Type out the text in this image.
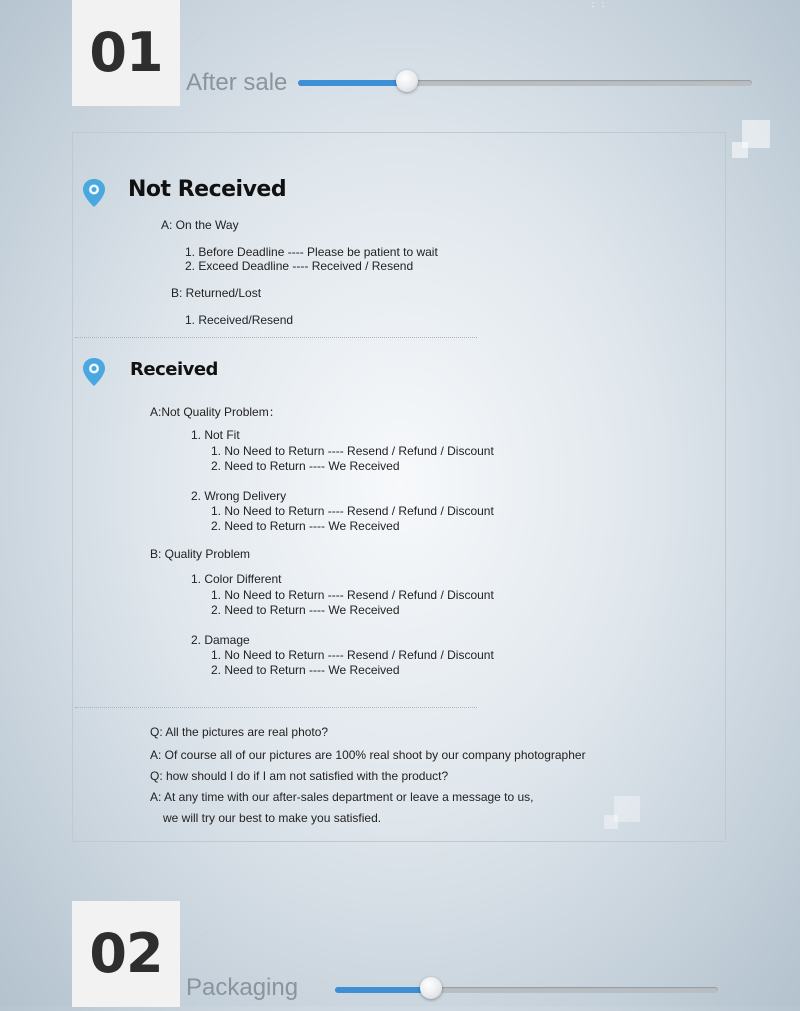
⋮⋮
01 After sale
Not Received
A: On the Way
1. Before Deadline ---- Please be patient to wait
2. Exceed Deadline ---- Received / Resend
B: Returned/Lost
1. Received/Resend
Received
A:Not Quality Problem：
1. Not Fit
1. No Need to Return ---- Resend / Refund / Discount
2. Need to Return ---- We Received
2. Wrong Delivery
1. No Need to Return ---- Resend / Refund / Discount
2. Need to Return ---- We Received
B: Quality Problem
1. Color Different
1. No Need to Return ---- Resend / Refund / Discount
2. Need to Return ---- We Received
2. Damage
1. No Need to Return ---- Resend / Refund / Discount
2. Need to Return ---- We Received
Q: All the pictures are real photo?
A: Of course all of our pictures are 100% real shoot by our company photographer
Q: how should I do if I am not satisfied with the product?
A: At any time with our after-sales department or leave a message to us,
we will try our best to make you satisfied.
02
Packaging
